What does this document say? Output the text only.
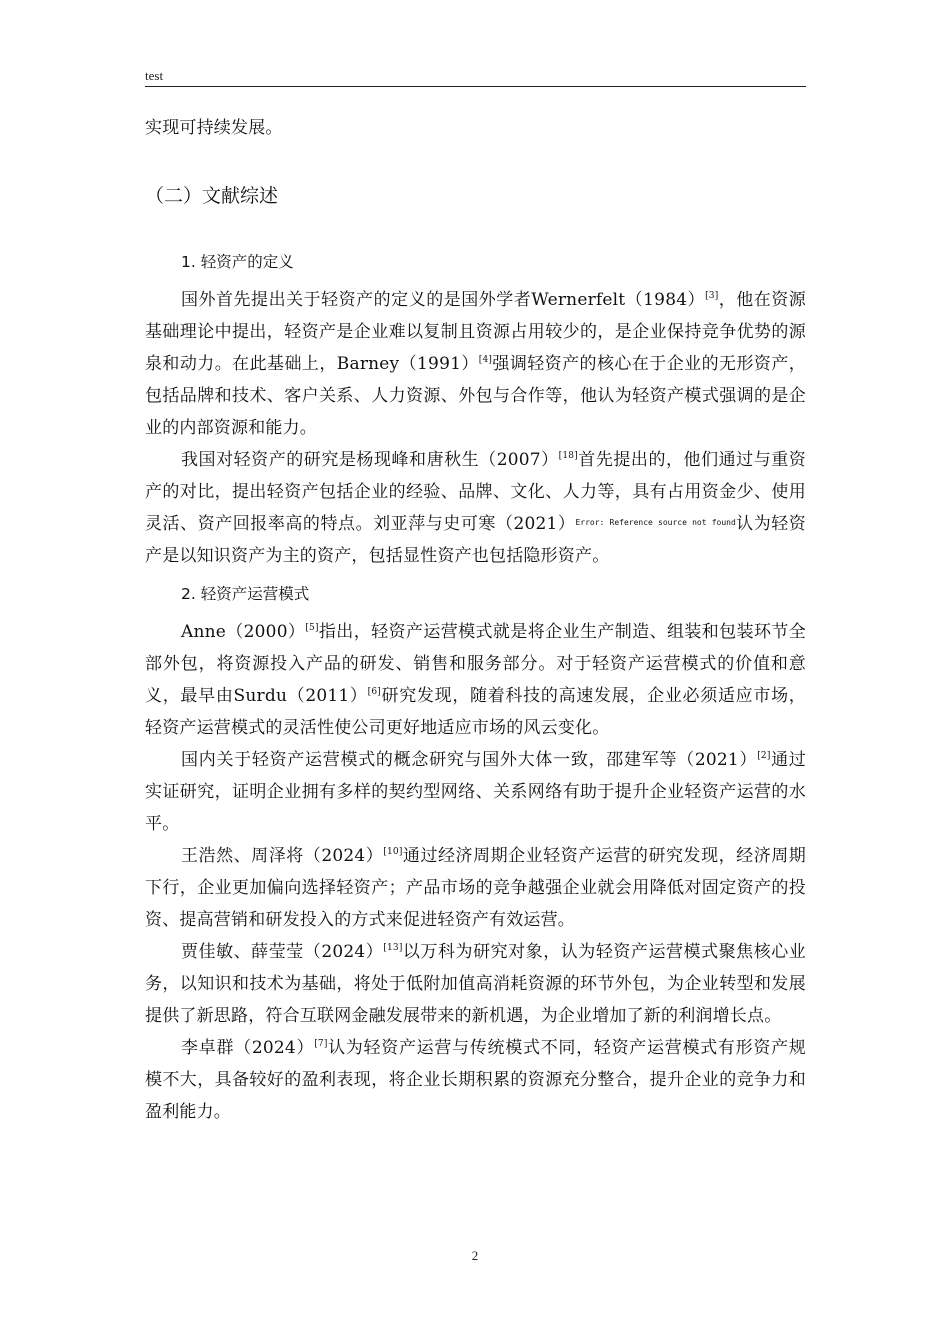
test

实现可持续发展。

（二）文献综述
1. 轻资产的定义

国外首先提出关于轻资产的定义的是国外学者Wernerfelt（1984）[3]，他在资源基础理论中提出，轻资产是企业难以复制且资源占用较少的，是企业保持竞争优势的源泉和动力。在此基础上，Barney（1991）[4]强调轻资产的核心在于企业的无形资产，包括品牌和技术、客户关系、人力资源、外包与合作等，他认为轻资产模式强调的是企业的内部资源和能力。

我国对轻资产的研究是杨现峰和唐秋生（2007）[18]首先提出的，他们通过与重资产的对比，提出轻资产包括企业的经验、品牌、文化、人力等，具有占用资金少、使用灵活、资产回报率高的特点。刘亚萍与史可寒$(2021)^{Error: Reference source not found}$认为轻资产是以知识资产为主的资产，包括显性资产也包括隐形资产。

2. 轻资产运营模式

Anne（2000）[5]指出，轻资产运营模式就是将企业生产制造、组装和包装环节全部外包，将资源投入产品的研发、销售和服务部分。对于轻资产运营模式的价值和意义，最早由Surdu（2011）[6]研究发现，随着科技的高速发展，企业必须适应市场，轻资产运营模式的灵活性使公司更好地适应市场的风云变化。

国内关于轻资产运营模式的概念研究与国外大体一致，邵建军等（2021）[2]通过实证研究，证明企业拥有多样的契约型网络、关系网络有助于提升企业轻资产运营的水平。

王浩然、周泽将（2024）[10]通过经济周期企业轻资产运营的研究发现，经济周期下行，企业更加偏向选择轻资产；产品市场的竞争越强企业就会用降低对固定资产的投资、提高营销和研发投入的方式来促进轻资产有效运营。

贾佳敏、薛莹莹（2024）[13]以万科为研究对象，认为轻资产运营模式聚焦核心业务，以知识和技术为基础，将处于低附加值高消耗资源的环节外包，为企业转型和发展提供了新思路，符合互联网金融发展带来的新机遇，为企业增加了新的利润增长点。

李卓群（2024）[7]认为轻资产运营与传统模式不同，轻资产运营模式有形资产规模不大，具备较好的盈利表现，将企业长期积累的资源充分整合，提升企业的竞争力和盈利能力。

2
